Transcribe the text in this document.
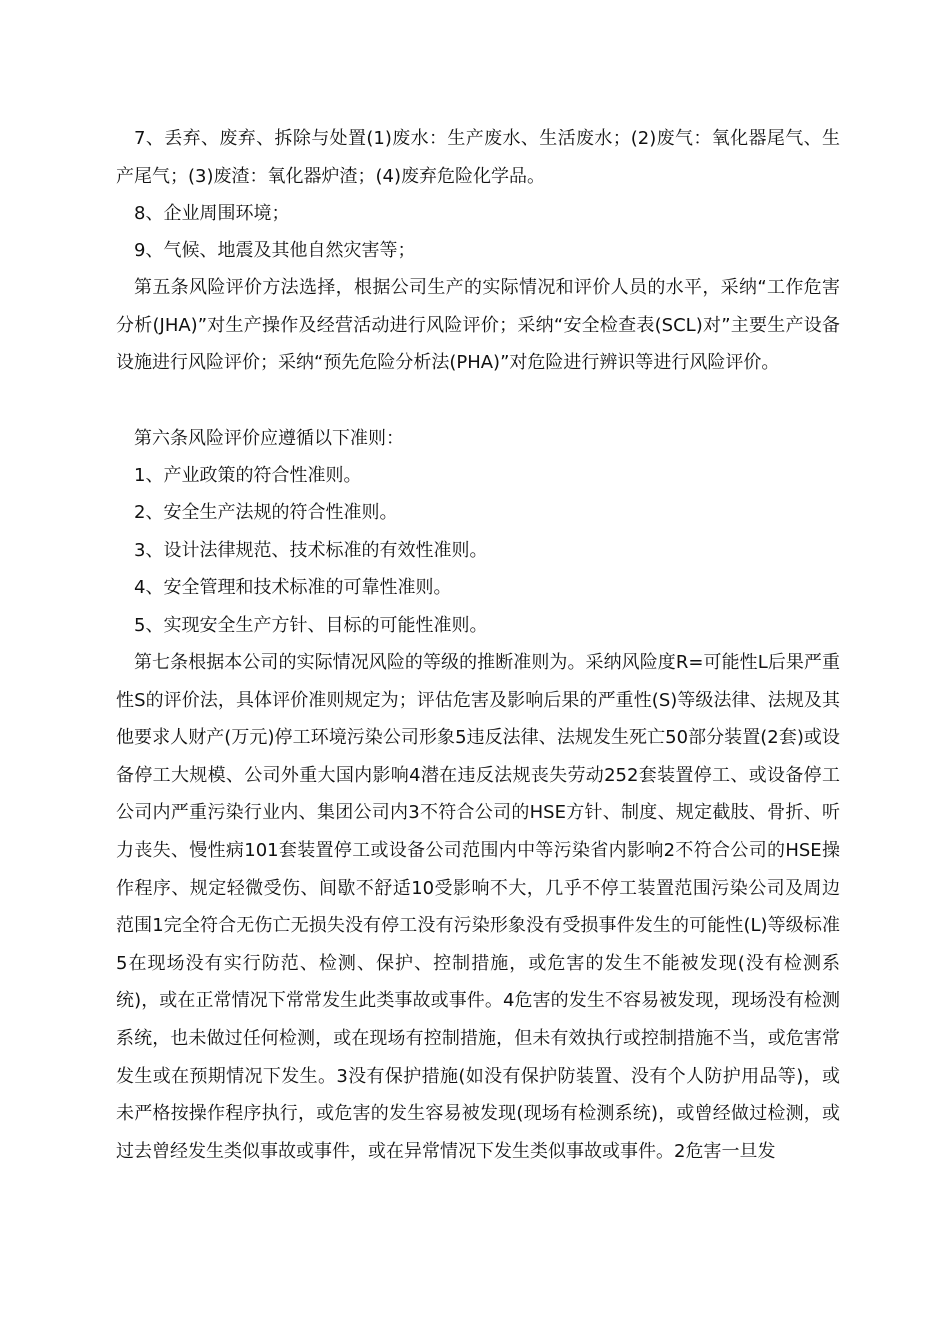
7、丢弃、废弃、拆除与处置(1)废水：生产废水、生活废水；(2)废气：氧化器尾气、生产尾气；(3)废渣：氧化器炉渣；(4)废弃危险化学品。

8、企业周围环境；

9、气候、地震及其他自然灾害等；

第五条风险评价方法选择，根据公司生产的实际情况和评价人员的水平，采纳“工作危害分析(JHA)”对生产操作及经营活动进行风险评价；采纳“安全检查表(SCL)对”主要生产设备设施进行风险评价；采纳“预先危险分析法(PHA)”对危险进行辨识等进行风险评价。

第六条风险评价应遵循以下准则：

1、产业政策的符合性准则。

2、安全生产法规的符合性准则。

3、设计法律规范、技术标准的有效性准则。

4、安全管理和技术标准的可靠性准则。

5、实现安全生产方针、目标的可能性准则。

第七条根据本公司的实际情况风险的等级的推断准则为。采纳风险度R=可能性L后果严重性S的评价法，具体评价准则规定为；评估危害及影响后果的严重性(S)等级法律、法规及其他要求人财产(万元)停工环境污染公司形象5违反法律、法规发生死亡50部分装置(2套)或设备停工大规模、公司外重大国内影响4潜在违反法规丧失劳动252套装置停工、或设备停工公司内严重污染行业内、集团公司内3不符合公司的HSE方针、制度、规定截肢、骨折、听力丧失、慢性病101套装置停工或设备公司范围内中等污染省内影响2不符合公司的HSE操作程序、规定轻微受伤、间歇不舒适10受影响不大，几乎不停工装置范围污染公司及周边范围1完全符合无伤亡无损失没有停工没有污染形象没有受损事件发生的可能性(L)等级标准5在现场没有实行防范、检测、保护、控制措施，或危害的发生不能被发现(没有检测系统)，或在正常情况下常常发生此类事故或事件。4危害的发生不容易被发现，现场没有检测系统，也未做过任何检测，或在现场有控制措施，但未有效执行或控制措施不当，或危害常发生或在预期情况下发生。3没有保护措施(如没有保护防装置、没有个人防护用品等)，或未严格按操作程序执行，或危害的发生容易被发现(现场有检测系统)，或曾经做过检测，或过去曾经发生类似事故或事件，或在异常情况下发生类似事故或事件。2危害一旦发
